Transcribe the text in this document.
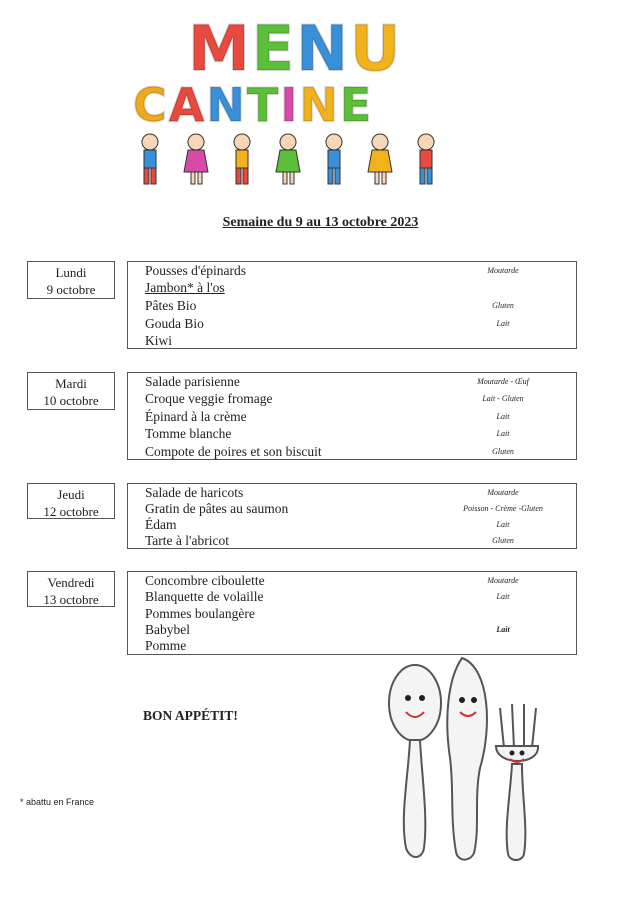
M E N U
C A N T I N E
Semaine du 9 au 13 octobre 2023
Lundi
9 octobre
Pousses d'épinards	Moutarde
Jambon* à l'os
Pâtes Bio	Gluten
Gouda Bio	Lait
Kiwi
Mardi
10 octobre
Salade parisienne	Moutarde - Œuf
Croque veggie fromage	Lait - Gluten
Épinard à la crème	Lait
Tomme blanche	Lait
Compote de poires et son biscuit	Gluten
Jeudi
12 octobre
Salade de haricots	Moutarde
Gratin de pâtes au saumon	Poisson - Crème -Gluten
Édam	Lait
Tarte à l'abricot	Gluten
Vendredi
13 octobre
Concombre ciboulette	Moutarde
Blanquette de volaille	Lait
Pommes boulangère
Babybel	Lait
Pomme
BON APPÉTIT!
* abattu en France
